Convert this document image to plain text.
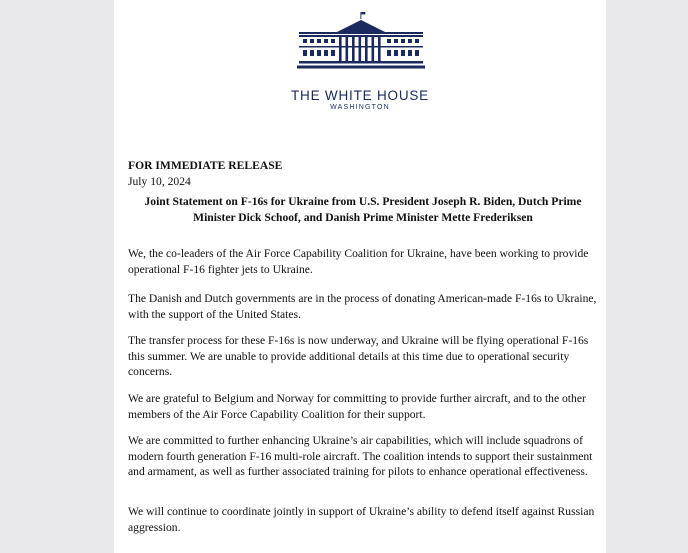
THE WHITE HOUSE
WASHINGTON
FOR IMMEDIATE RELEASE
July 10, 2024
Joint Statement on F-16s for Ukraine from U.S. President Joseph R. Biden, Dutch Prime Minister Dick Schoof, and Danish Prime Minister Mette Frederiksen
We, the co-leaders of the Air Force Capability Coalition for Ukraine, have been working to provide operational F-16 fighter jets to Ukraine.
The Danish and Dutch governments are in the process of donating American-made F-16s to Ukraine, with the support of the United States.
The transfer process for these F-16s is now underway, and Ukraine will be flying operational F-16s this summer. We are unable to provide additional details at this time due to operational security concerns.
We are grateful to Belgium and Norway for committing to provide further aircraft, and to the other members of the Air Force Capability Coalition for their support.
We are committed to further enhancing Ukraine’s air capabilities, which will include squadrons of modern fourth generation F-16 multi-role aircraft. The coalition intends to support their sustainment and armament, as well as further associated training for pilots to enhance operational effectiveness.
We will continue to coordinate jointly in support of Ukraine’s ability to defend itself against Russian aggression.
